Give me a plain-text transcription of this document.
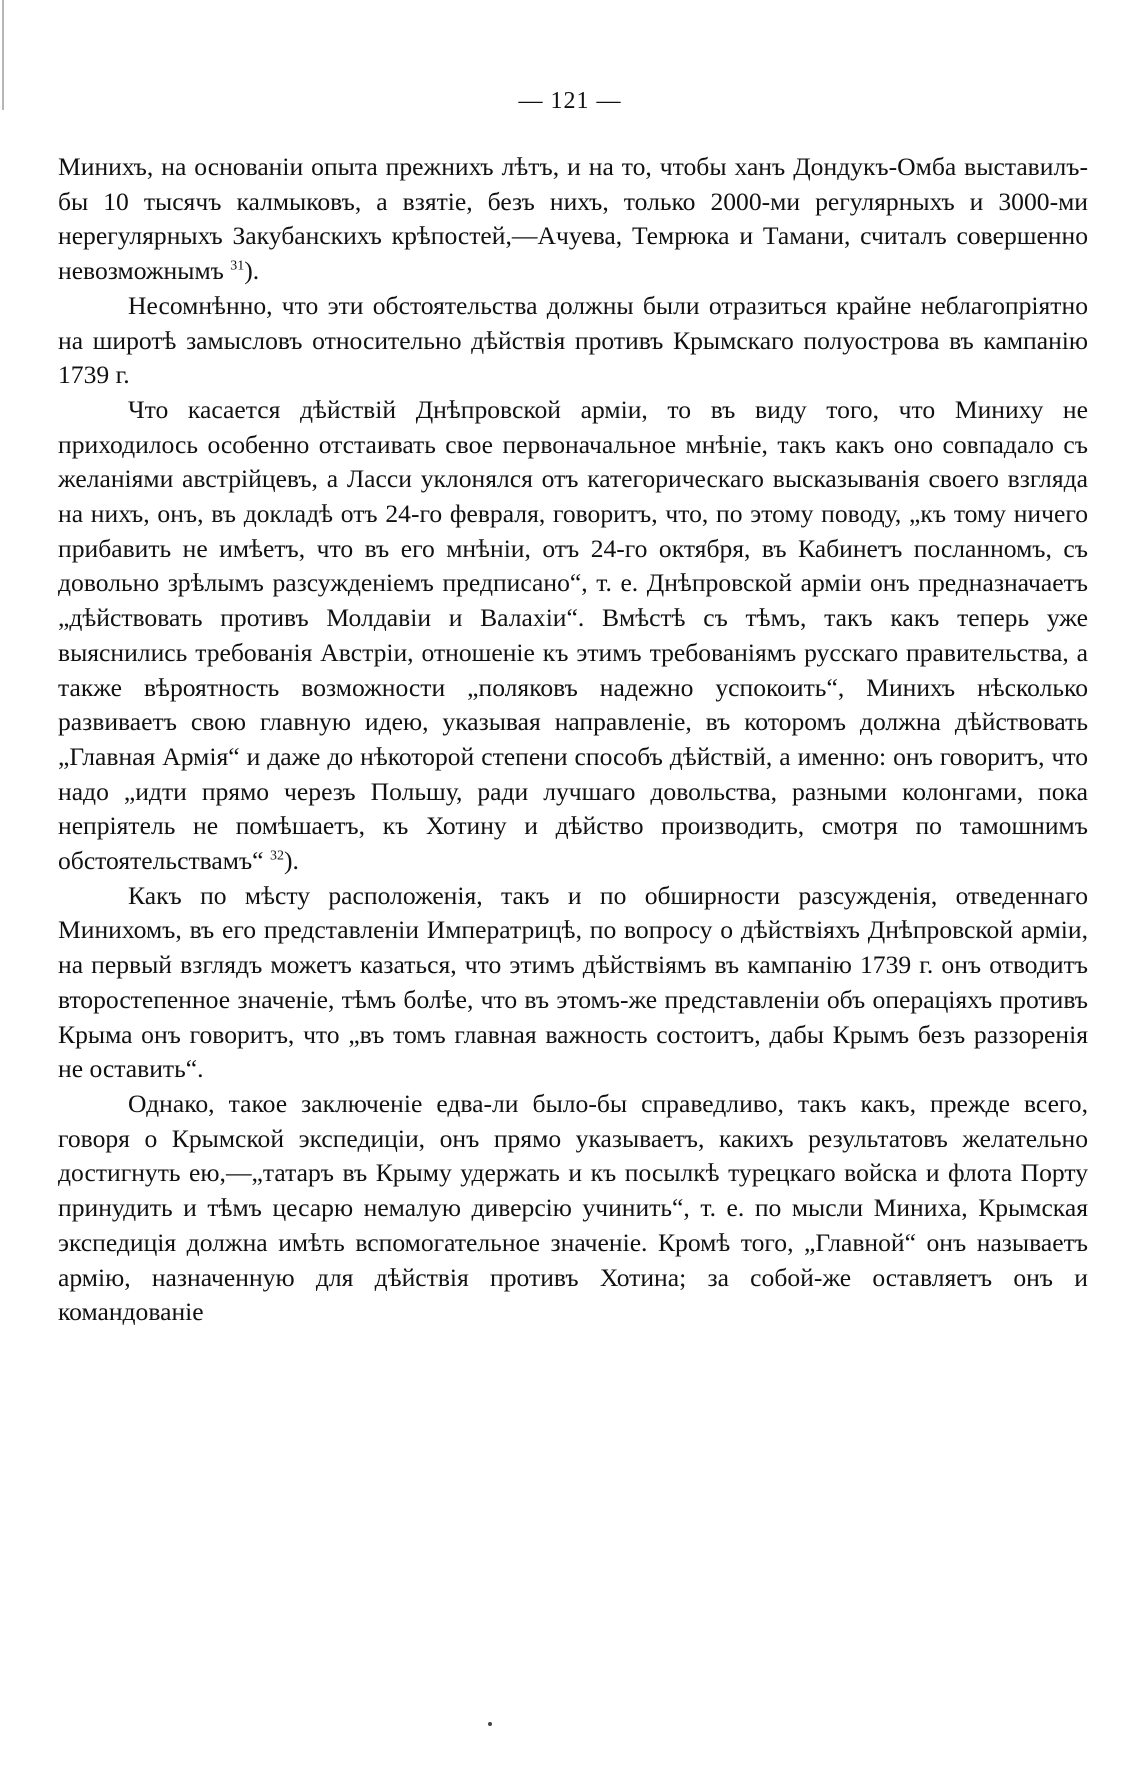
— 121 —

Минихъ, на основанiи опыта прежнихъ лѣтъ, и на то, чтобы ханъ Дондукъ-Омба выставилъ-бы 10 тысячъ калмыковъ, а взятiе, безъ нихъ, только 2000-ми регулярныхъ и 3000-ми нерегулярныхъ Закубанскихъ крѣпостей,—Ачуева, Темрюка и Тамани, считалъ совершенно невозможнымъ $^{31}$).

Несомнѣнно, что эти обстоятельства должны были отразиться крайне неблагопрiятно на широтѣ замысловъ относительно дѣйствiя противъ Крымскаго полуострова въ кампанiю 1739 г.

Что касается дѣйствiй Днѣпровской армiи, то въ виду того, что Миниху не приходилось особенно отстаивать свое первоначальное мнѣнiе, такъ какъ оно совпадало съ желанiями австрiйцевъ, а Ласси уклонялся отъ категорическаго высказыванiя своего взгляда на нихъ, онъ, въ докладѣ отъ 24-го февраля, говоритъ, что, по этому поводу, „къ тому ничего прибавить не имѣетъ, что въ его мнѣнiи, отъ 24-го октября, въ Кабинетъ посланномъ, съ довольно зрѣлымъ разсужденiемъ предписано“, т. е. Днѣпровской армiи онъ предназначаетъ „дѣйствовать противъ Молдавiи и Валахiи“. Вмѣстѣ съ тѣмъ, такъ какъ теперь уже выяснились требованiя Австрiи, отношенiе къ этимъ требованiямъ русскаго правительства, а также вѣроятность возможности „поляковъ надежно успокоить“, Минихъ нѣсколько развиваетъ свою главную идею, указывая направленiе, въ которомъ должна дѣйствовать „Главная Армiя“ и даже до нѣкоторой степени способъ дѣйствiй, а именно: онъ говоритъ, что надо „идти прямо черезъ Польшу, ради лучшаго довольства, разными колонгами, пока непрiятель не помѣшаетъ, къ Хотину и дѣйство производить, смотря по тамошнимъ обстоятельствамъ“ $^{32}$).

Какъ по мѣсту расположенiя, такъ и по обширности разсужденiя, отведеннаго Минихомъ, въ его представленiи Императрицѣ, по вопросу о дѣйствiяхъ Днѣпровской армiи, на первый взглядъ можетъ казаться, что этимъ дѣйствiямъ въ кампанiю 1739 г. онъ отводитъ второстепенное значенiе, тѣмъ болѣе, что въ этомъ-же представленiи объ операцiяхъ противъ Крыма онъ говоритъ, что „въ томъ главная важность состоитъ, дабы Крымъ безъ раззоренiя не оставить“.

Однако, такое заключенiе едва-ли было-бы справедливо, такъ какъ, прежде всего, говоря о Крымской экспедицiи, онъ прямо указываетъ, какихъ результатовъ желательно достигнуть ею,—„татаръ въ Крыму удержать и къ посылкѣ турецкаго войска и флота Порту принудить и тѣмъ цесарю немалую диверсiю учинить“, т. е. по мысли Миниха, Крымская экспедицiя должна имѣть вспомогательное значенiе. Кромѣ того, „Главной“ онъ называетъ армiю, назначенную для дѣйствiя противъ Хотина; за собой-же оставляетъ онъ и командованiе
